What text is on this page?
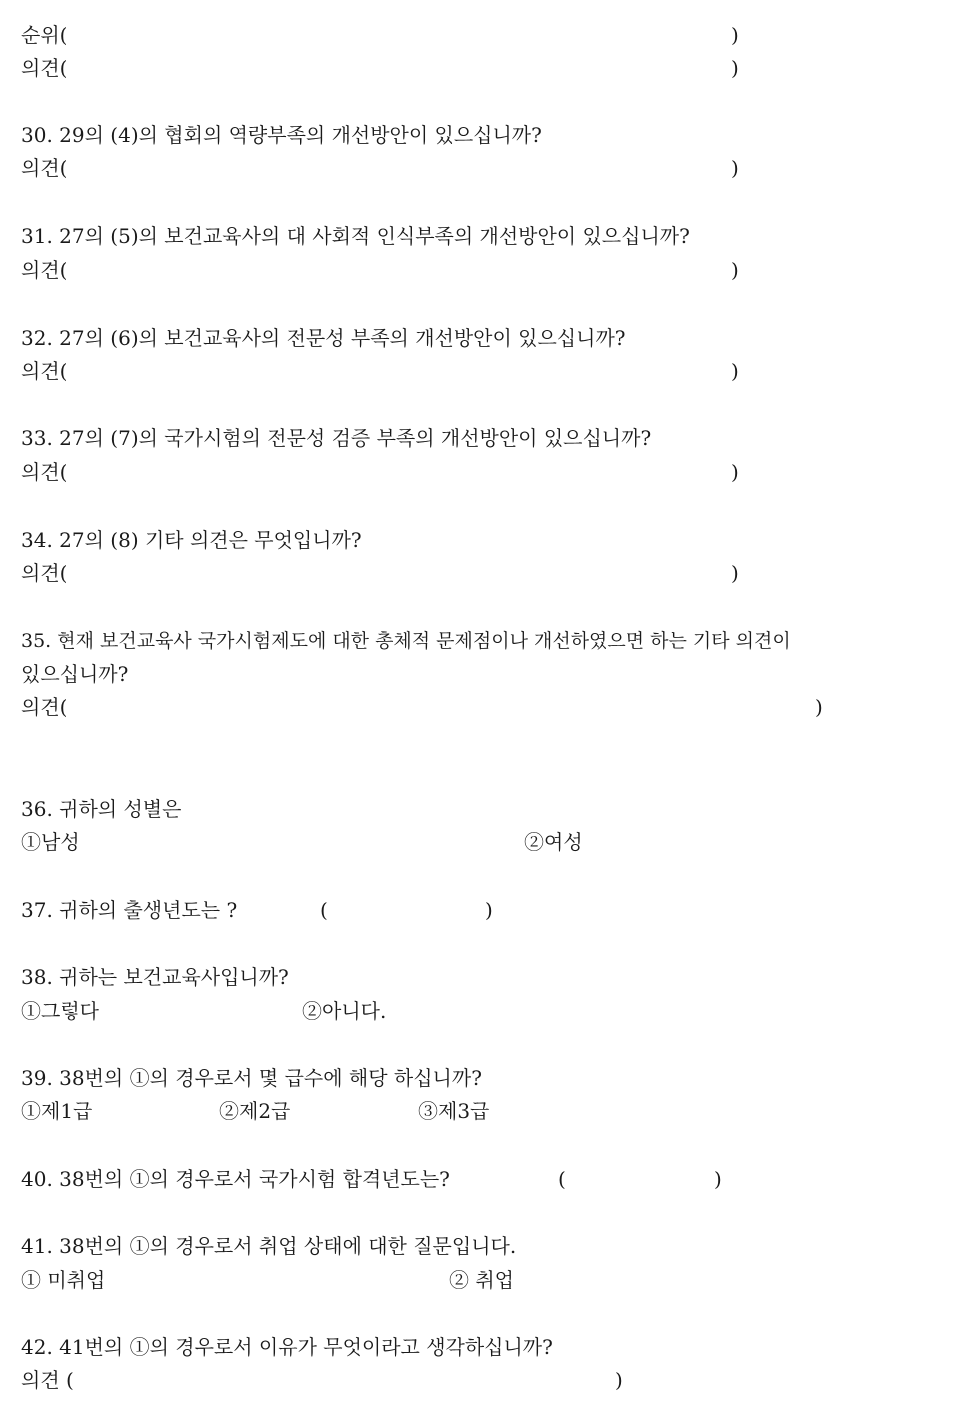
순위(	)
의견(	)
30. 29의 (4)의 협회의 역량부족의 개선방안이 있으십니까?
의견(	)
31. 27의 (5)의 보건교육사의 대 사회적 인식부족의 개선방안이 있으십니까?
의견(	)
32. 27의 (6)의 보건교육사의 전문성 부족의 개선방안이 있으십니까?
의견(	)
33. 27의 (7)의 국가시험의 전문성 검증 부족의 개선방안이 있으십니까?
의견(	)
34. 27의 (8) 기타 의견은 무엇입니까?
의견(	)
35. 현재 보건교육사 국가시험제도에 대한 총체적 문제점이나 개선하였으면 하는 기타 의견이
있으십니까?
의견(	)
36. 귀하의 성별은
①남성	②여성
37. 귀하의 출생년도는 ?	(	)
38. 귀하는 보건교육사입니까?
①그렇다	②아니다.
39. 38번의 ①의 경우로서 몇 급수에 해당 하십니까?
①제1급	②제2급	③제3급
40. 38번의 ①의 경우로서 국가시험 합격년도는?	(	)
41. 38번의 ①의 경우로서 취업 상태에 대한 질문입니다.
① 미취업	② 취업
42. 41번의 ①의 경우로서 이유가 무엇이라고 생각하십니까?
의견 (	)
